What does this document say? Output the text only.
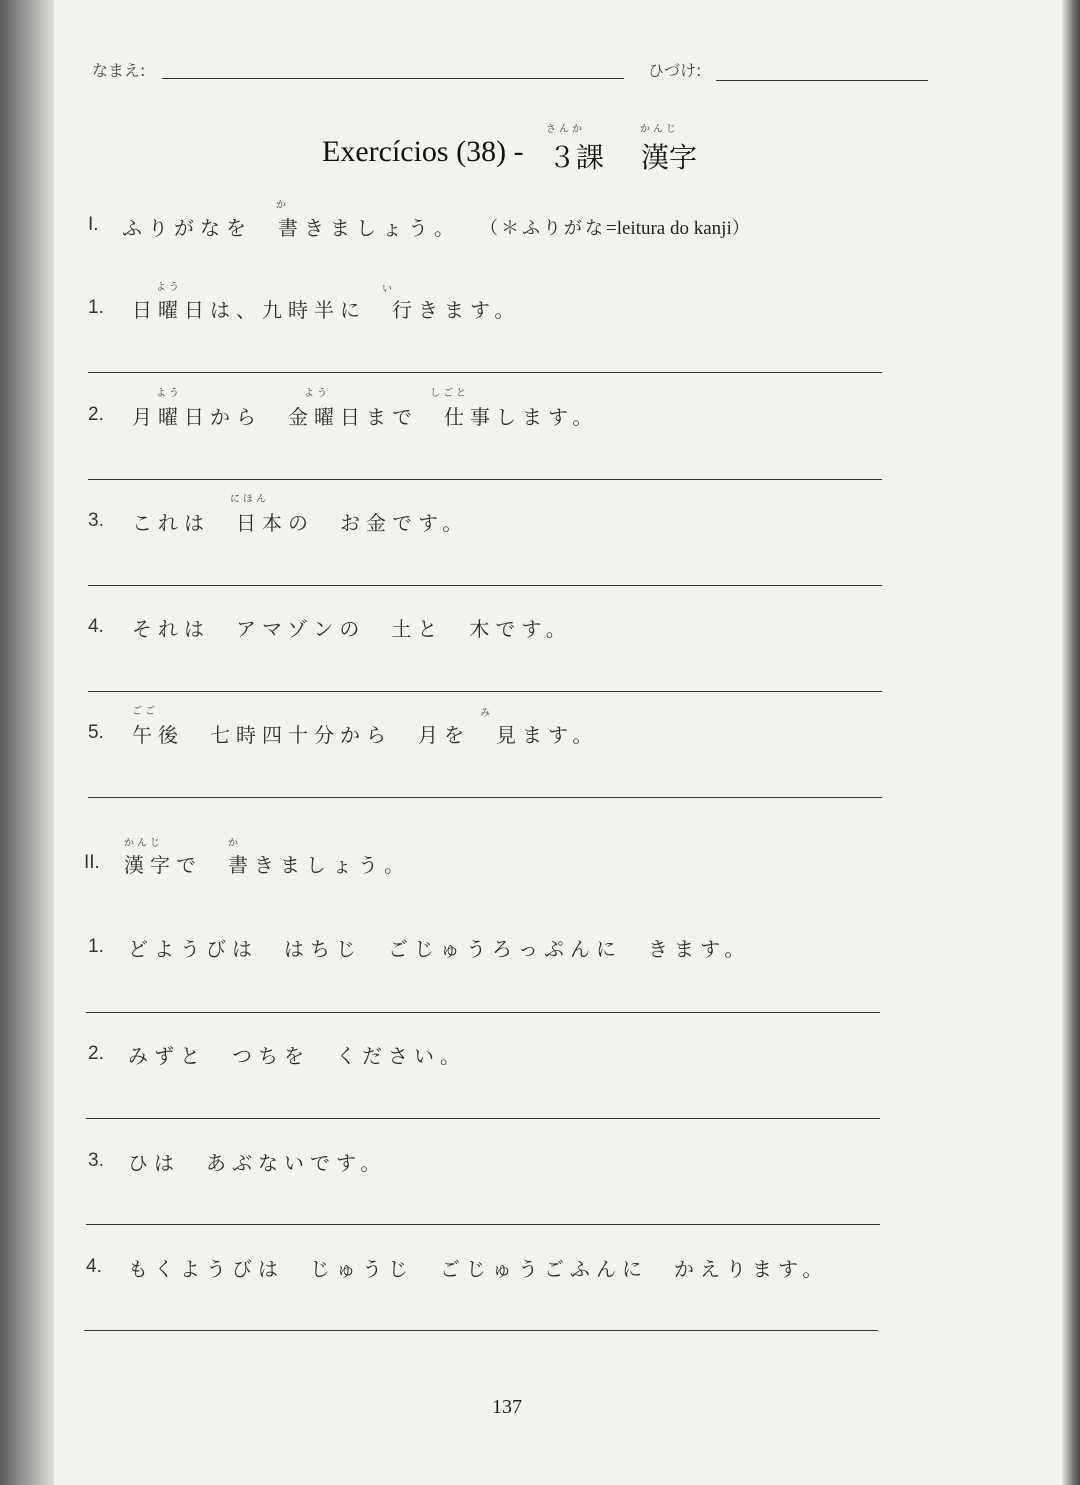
なまえ:	ひづけ:
さんか	かんじ
Exercícios (38) - ３課 漢字
I.
か
ふりがなを　書きましょう。 （＊ふりがな=leitura do kanji）
よう	い
1. 日曜日は、九時半に　行きます。
よう	よう	しごと
2. 月曜日から　金曜日まで　仕事します。
にほん
3. これは　日本の　お金です。
4. それは　アマゾンの　土と　木です。
ごご	み
5. 午後　七時四十分から　月を　見ます。
かんじ	か
II. 漢字で　書きましょう。
1. どようびは　はちじ　ごじゅうろっぷんに　きます。
2. みずと　つちを　ください。
3. ひは　あぶないです。
4. もくようびは　じゅうじ　ごじゅうごふんに　かえります。
137
